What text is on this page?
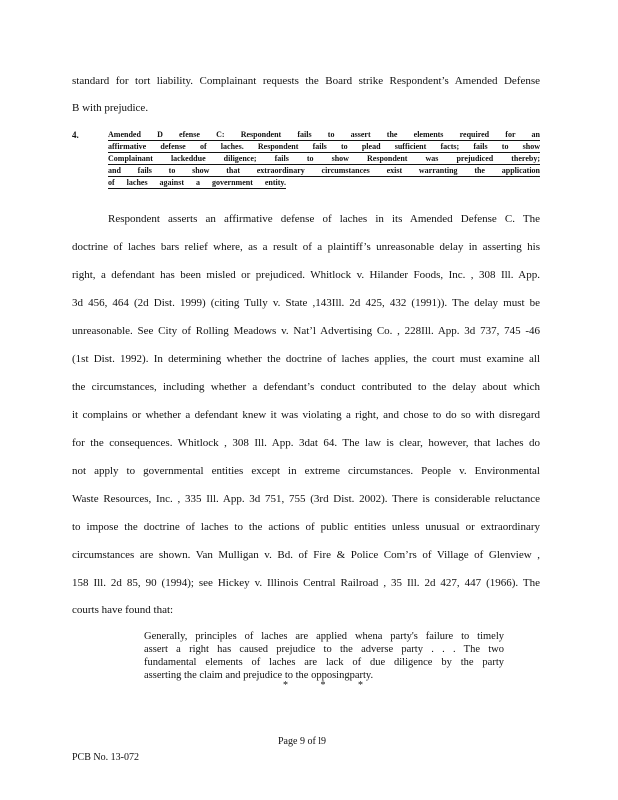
standard for tort liability. Complainant requests the Board strike Respondent’s Amended Defense
B with prejudice.
4.	Amended D efense C: Respondent fails to assert the elements required for an
affirmative defense of laches. Respondent fails to plead sufficient facts; fails to show
Complainant lackeddue diligence; fails to show Respondent was prejudiced thereby;
and fails to show that extraordinary circumstances exist warranting the application
of laches against a government entity.
Respondent asserts an affirmative defense of laches in its Amended Defense C. The
doctrine of laches bars relief where, as a result of a plaintiff’s unreasonable delay in asserting his
right, a defendant has been misled or prejudiced. Whitlock v. Hilander Foods, Inc. , 308 Ill. App.
3d 456, 464 (2d Dist. 1999) (citing Tully v. State ,143Ill. 2d 425, 432 (1991)). The delay must be
unreasonable. See City of Rolling Meadows v. Nat’l Advertising Co. , 228Ill. App. 3d 737, 745 -46
(1st Dist. 1992). In determining whether the doctrine of laches applies, the court must examine all
the circumstances, including whether a defendant’s conduct contributed to the delay about which
it complains or whether a defendant knew it was violating a right, and chose to do so with disregard
for the consequences. Whitlock , 308 Ill. App. 3dat 64. The law is clear, however, that laches do
not apply to governmental entities except in extreme circumstances. People v. Environmental
Waste Resources, Inc. , 335 Ill. App. 3d 751, 755 (3rd Dist. 2002). There is considerable reluctance
to impose the doctrine of laches to the actions of public entities unless unusual or extraordinary
circumstances are shown. Van Mulligan v. Bd. of Fire & Police Com’rs of Village of Glenview ,
158 Ill. 2d 85, 90 (1994); see Hickey v. Illinois Central Railroad , 35 Ill. 2d 427, 447 (1966). The
courts have found that:
Generally, principles of laches are applied whena party's failure to timely
assert a right has caused prejudice to the adverse party . . . The two
fundamental elements of laches are lack of due diligence by the party
asserting the claim and prejudice to the opposingparty.
*	*	*
Page 9 of l9
PCB No. 13-072
